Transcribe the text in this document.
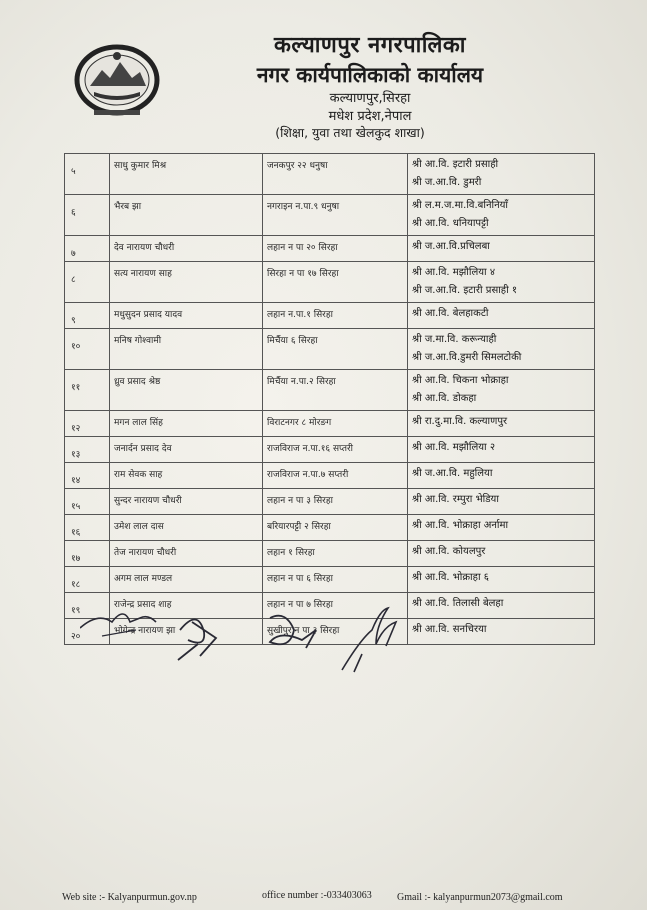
कल्याणपुर नगरपालिका
नगर कार्यपालिकाको कार्यालय
कल्याणपुर,सिरहा
मधेश प्रदेश,नेपाल
(शिक्षा, युवा तथा खेलकुद शाखा)
५	साधु कुमार मिश्र	जनकपुर २२ धनुषा	श्री आ.वि. इटारी प्रसाही
श्री ज.आ.वि. डुमरी

६	भैरब झा	नगराइन न.पा.९ धनुषा	श्री ल.म.ज.मा.वि.बनिनियाँ
श्री आ.वि. धनियापट्टी

७	देव नारायण चौधरी	लहान न पा २० सिरहा	श्री ज.आ.वि.प्रचिलबा

८	सत्य नारायण साह	सिरहा न पा १७ सिरहा	श्री आ.वि. मझौलिया ४
श्री ज.आ.वि. इटारी प्रसाही १

९	मधुसुदन प्रसाद यादव	लहान न.पा.१ सिरहा	श्री आ.वि. बेलहाकटी

१०	मनिष गोश्वामी	मिर्चैया ६ सिरहा	श्री ज.मा.वि. करून्याही
श्री ज.आ.वि.डुमरी सिमलटोकी

११	ध्रुव प्रसाद श्रेष्ठ	मिर्चैया न.पा.२ सिरहा	श्री आ.वि. चिकना भोक्राहा
श्री आ.वि. डोकहा

१२	मगन लाल सिंह	विराटनगर ८ मोरङग	श्री रा.दु.मा.वि. कल्याणपुर

१३	जनार्दन प्रसाद देव	राजविराज न.पा.१६ सप्तरी	श्री आ.वि. मझौलिया २

१४	राम सेवक साह	राजविराज न.पा.७ सप्तरी	श्री ज.आ.वि. महुलिया

१५	सुन्दर नारायण चौधरी	लहान न पा ३ सिरहा	श्री आ.वि. रम्पुरा भेडिया

१६	उमेश लाल दास	बरियारपट्टी २ सिरहा	श्री आ.वि. भोक्राहा अर्नामा

१७	तेज नारायण चौधरी	लहान १ सिरहा	श्री आ.वि. कोयलपुर

१८	अगम लाल मण्डल	लहान न पा ६ सिरहा	श्री आ.वि. भोक्राहा ६

१९	राजेन्द्र प्रसाद शाह	लहान न पा ७ सिरहा	श्री आ.वि. तिलासी बेलहा

२०	भोगेन्द्र नारायण झा	सुखीपुर न पा ३ सिरहा	श्री आ.वि. सनचिरया
Web site :- Kalyanpurmun.gov.np	office number :-033403063	Gmail :- kalyanpurmun2073@gmail.com
